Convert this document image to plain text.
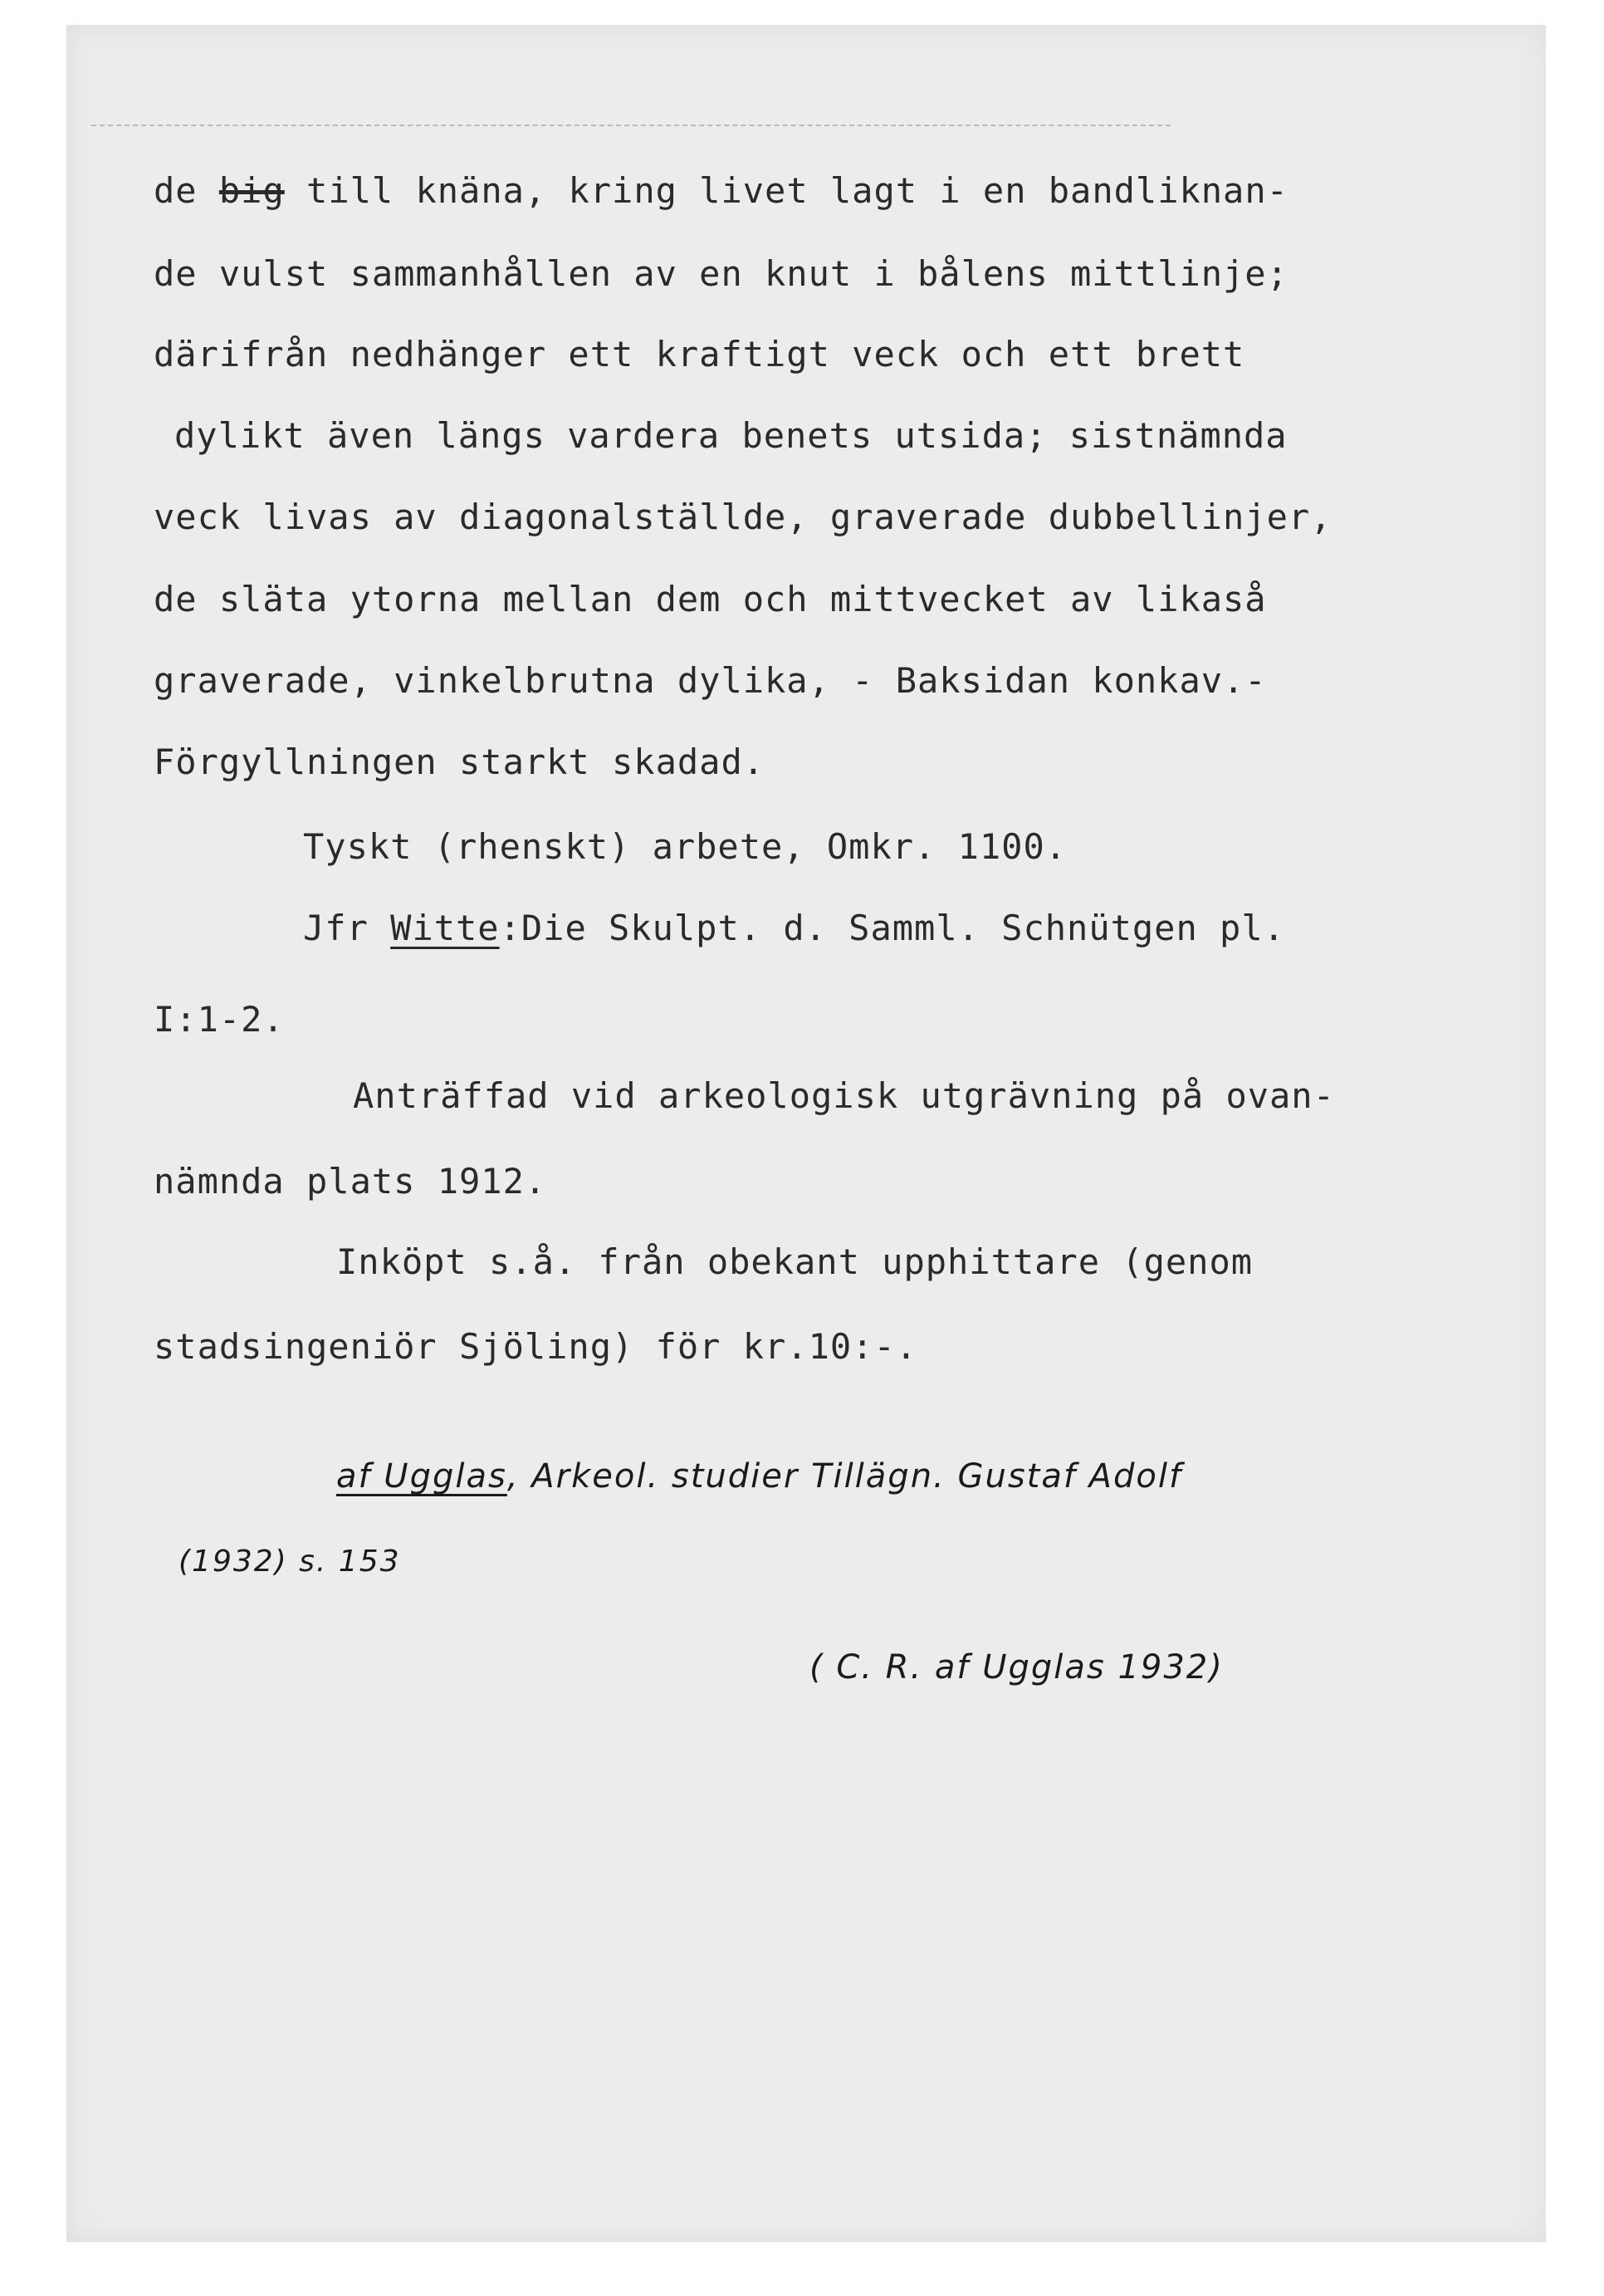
de big till knäna, kring livet lagt i en bandliknan-
de vulst sammanhållen av en knut i bålens mittlinje;
därifrån nedhänger ett kraftigt veck och ett brett
dylikt även längs vardera benets utsida; sistnämnda
veck livas av diagonalställde, graverade dubbellinjer,
de släta ytorna mellan dem och mittvecket av likaså
graverade, vinkelbrutna dylika, - Baksidan konkav.-
Förgyllningen starkt skadad.
Tyskt (rhenskt) arbete, Omkr. 1100.
Jfr Witte:Die Skulpt. d. Samml. Schnütgen pl.
I:1-2.
Anträffad vid arkeologisk utgrävning på ovan-
nämnda plats 1912.
Inköpt s.å. från obekant upphittare (genom
stadsingeniör Sjöling) för kr.10:-.
af Ugglas, Arkeol. studier Tillägn. Gustaf Adolf
(1932) s. 153
( C. R. af Ugglas 1932)
